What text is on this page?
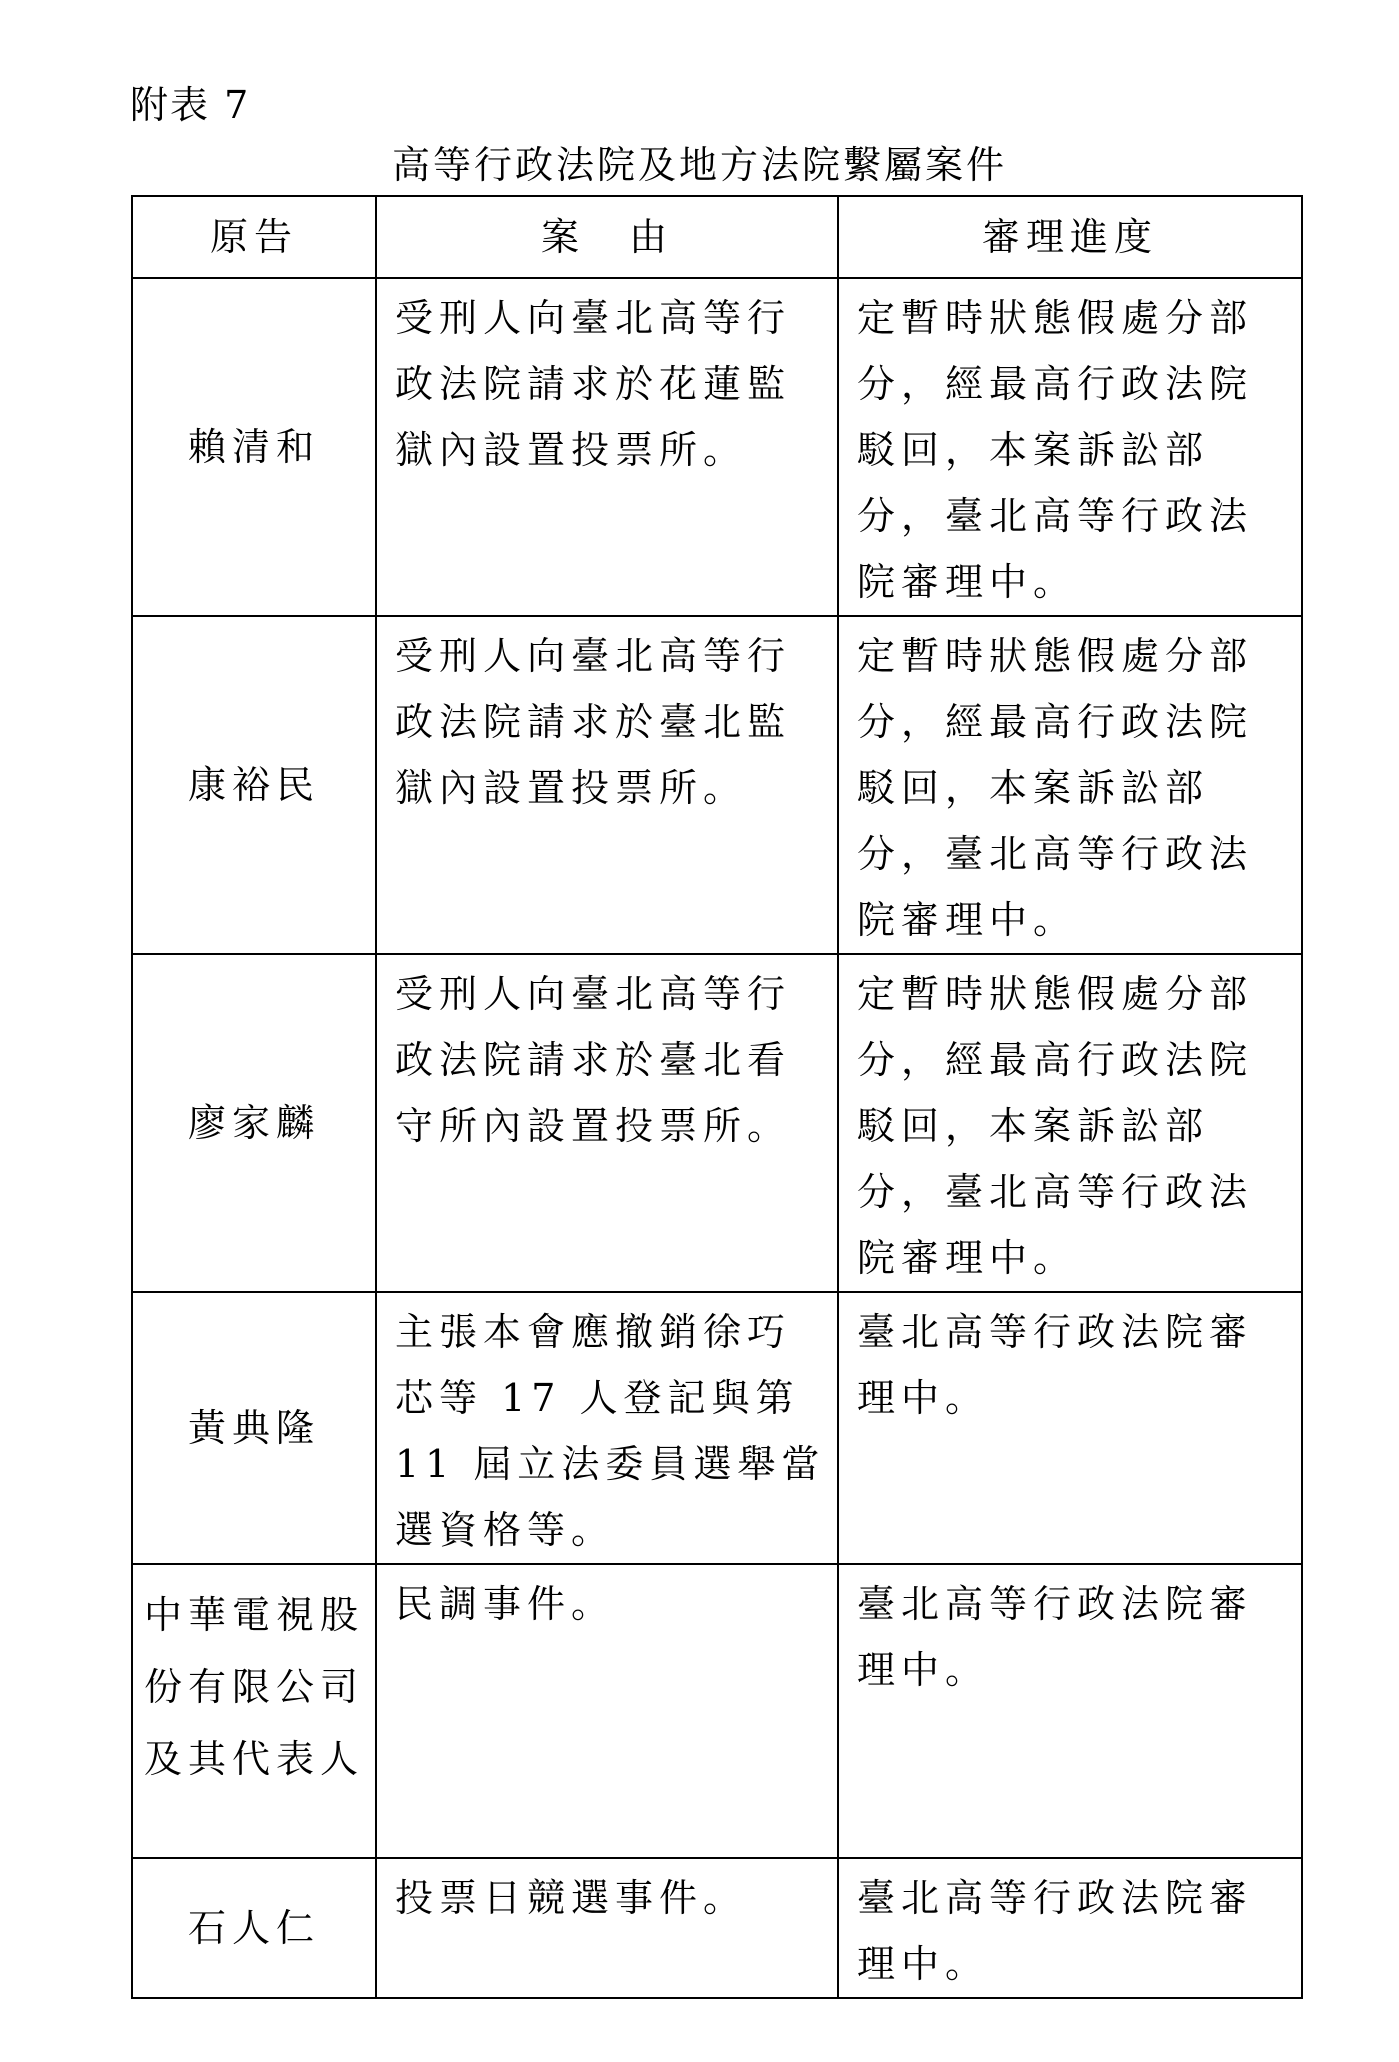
附表 7
高等行政法院及地方法院繫屬案件
原告	案　由	審理進度
賴清和	受刑人向臺北高等行政法院請求於花蓮監獄內設置投票所。	定暫時狀態假處分部分，經最高行政法院駁回，本案訴訟部分，臺北高等行政法院審理中。
康裕民	受刑人向臺北高等行政法院請求於臺北監獄內設置投票所。	定暫時狀態假處分部分，經最高行政法院駁回，本案訴訟部分，臺北高等行政法院審理中。
廖家麟	受刑人向臺北高等行政法院請求於臺北看守所內設置投票所。	定暫時狀態假處分部分，經最高行政法院駁回，本案訴訟部分，臺北高等行政法院審理中。
黃典隆	主張本會應撤銷徐巧芯等 17 人登記與第 11 屆立法委員選舉當選資格等。	臺北高等行政法院審理中。
中華電視股份有限公司及其代表人	民調事件。	臺北高等行政法院審理中。
石人仁	投票日競選事件。	臺北高等行政法院審理中。
